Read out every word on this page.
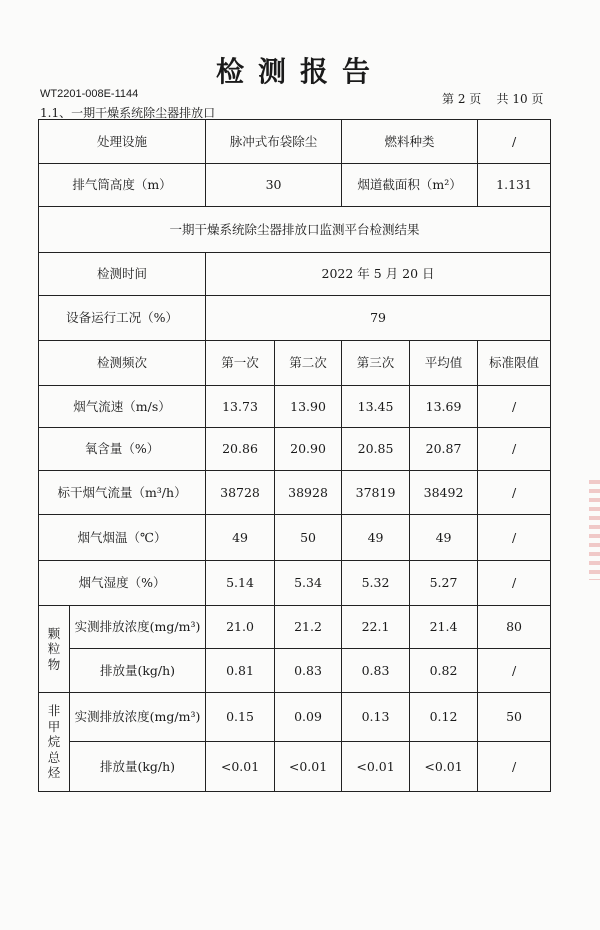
检测报告
WT2201-008E-1144	第 2 页 共 10 页
1.1、一期干燥系统除尘器排放口
处理设施		脉冲式布袋除尘		燃料种类		/
排气筒高度（m）		30		烟道截面积（m²）		1.131
一期干燥系统除尘器排放口监测平台检测结果						
检测时间		2022 年 5 月 20 日				
设备运行工况（%）		79				
检测频次		第一次	第二次	第三次	平均值	标准限值
烟气流速（m/s）		13.73	13.90	13.45	13.69	/
氧含量（%）		20.86	20.90	20.85	20.87	/
标干烟气流量（m³/h）		38728	38928	37819	38492	/
烟气烟温（℃）		49	50	49	49	/
烟气湿度（%）		5.14	5.34	5.32	5.27	/

颗
粒
物	实测排放浓度(mg/m³)	21.0	21.2	22.1	21.4	80
	排放量(kg/h)	0.81	0.83	0.83	0.82	/

非
甲
烷
总
烃	实测排放浓度(mg/m³)	0.15	0.09	0.13	0.12	50
	排放量(kg/h)	<0.01	<0.01	<0.01	<0.01	/
